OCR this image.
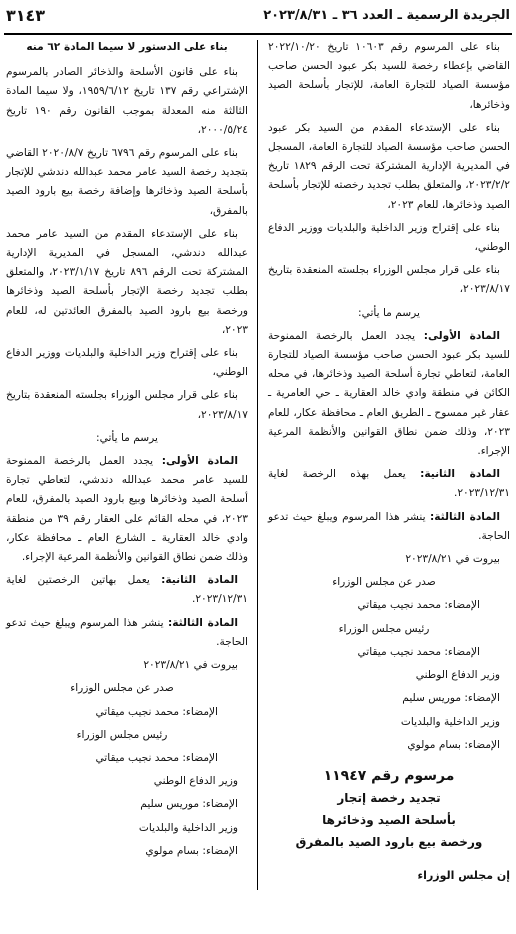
٣١٤٣	الجريدة الرسمية ـ العدد ٣٦ ـ ٢٠٢٣/٨/٣١

بناء على المرسوم رقم ١٠٦٠٣ تاريخ ٢٠٢٢/١٠/٢٠ القاضي بإعطاء رخصة للسيد بكر عبود الحسن صاحب مؤسسة الصياد للتجارة العامة، للإتجار بأسلحة الصيد وذخائرها،

بناء على الإستدعاء المقدم من السيد بكر عبود الحسن صاحب مؤسسة الصياد للتجارة العامة، المسجل في المديرية الإدارية المشتركة تحت الرقم ١٨٢٩ تاريخ ٢٠٢٣/٢/٢، والمتعلق بطلب تجديد رخصته للإتجار بأسلحة الصيد وذخائرها، للعام ٢٠٢٣،

بناء على إقتراح وزير الداخلية والبلديات ووزير الدفاع الوطني،

بناء على قرار مجلس الوزراء بجلسته المنعقدة بتاريخ ٢٠٢٣/٨/١٧،

يرسم ما يأتي:

المادة الأولى: يجدد العمل بالرخصة الممنوحة للسيد بكر عبود الحسن صاحب مؤسسة الصياد للتجارة العامة، لتعاطي تجارة أسلحة الصيد وذخائرها، في محله الكائن في منطقة وادي خالد العقارية ـ حي العامرية ـ عقار غير ممسوح ـ الطريق العام ـ محافظة عكار، للعام ٢٠٢٣، وذلك ضمن نطاق القوانين والأنظمة المرعية الإجراء.

المادة الثانية: يعمل بهذه الرخصة لغاية ٢٠٢٣/١٢/٣١.

المادة الثالثة: ينشر هذا المرسوم ويبلغ حيث تدعو الحاجة.

بيروت في ٢٠٢٣/٨/٢١

صدر عن مجلس الوزراء

الإمضاء: محمد نجيب ميقاتي

رئيس مجلس الوزراء

الإمضاء: محمد نجيب ميقاتي

وزير الدفاع الوطني

الإمضاء: موريس سليم

وزير الداخلية والبلديات

الإمضاء: بسام مولوي

مرسوم رقم ١١٩٤٧
تجديد رخصة إتجار
بأسلحة الصيد وذخائرها
ورخصة بيع بارود الصيد بالمفرق
إن مجلس الوزراء

بناء على الدستور لا سيما المادة ٦٢ منه

بناء على قانون الأسلحة والذخائر الصادر بالمرسوم الإشتراعي رقم ١٣٧ تاريخ ١٩٥٩/٦/١٢، ولا سيما المادة الثالثة منه المعدلة بموجب القانون رقم ١٩٠ تاريخ ٢٠٠٠/٥/٢٤،

بناء على المرسوم رقم ٦٧٩٦ تاريخ ٢٠٢٠/٨/٧ القاضي بتجديد رخصة السيد عامر محمد عبدالله دندشي للإتجار بأسلحة الصيد وذخائرها وإضافة رخصة بيع بارود الصيد بالمفرق،

بناء على الإستدعاء المقدم من السيد عامر محمد عبدالله دندشي، المسجل في المديرية الإدارية المشتركة تحت الرقم ٨٩٦ تاريخ ٢٠٢٣/١/١٧، والمتعلق بطلب تجديد رخصة الإتجار بأسلحة الصيد وذخائرها ورخصة بيع بارود الصيد بالمفرق العائدتين له، للعام ٢٠٢٣،

بناء على إقتراح وزير الداخلية والبلديات ووزير الدفاع الوطني،

بناء على قرار مجلس الوزراء بجلسته المنعقدة بتاريخ ٢٠٢٣/٨/١٧،

يرسم ما يأتي:

المادة الأولى: يجدد العمل بالرخصة الممنوحة للسيد عامر محمد عبدالله دندشي، لتعاطي تجارة أسلحة الصيد وذخائرها وبيع بارود الصيد بالمفرق، للعام ٢٠٢٣، في محله القائم على العقار رقم ٣٩ من منطقة وادي خالد العقارية ـ الشارع العام ـ محافظة عكار، وذلك ضمن نطاق القوانين والأنظمة المرعية الإجراء.

المادة الثانية: يعمل بهاتين الرخصتين لغاية ٢٠٢٣/١٢/٣١.

المادة الثالثة: ينشر هذا المرسوم ويبلغ حيث تدعو الحاجة.

بيروت في ٢٠٢٣/٨/٢١

صدر عن مجلس الوزراء

الإمضاء: محمد نجيب ميقاتي

رئيس مجلس الوزراء

الإمضاء: محمد نجيب ميقاتي

وزير الدفاع الوطني

الإمضاء: موريس سليم

وزير الداخلية والبلديات

الإمضاء: بسام مولوي
